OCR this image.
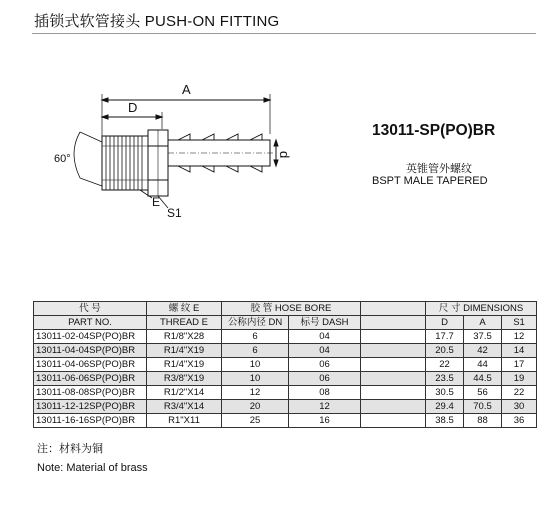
插锁式软管接头 PUSH-ON FITTING
A
D
d
60°
E
S1
13011-SP(PO)BR
英锥管外螺纹
BSPT MALE TAPERED
代 号	螺 纹 E	胶 管 HOSE BORE			尺 寸 DIMENSIONS		
PART NO.	THREAD E	公称内径 DN	标号 DASH		D	A	S1
13011-02-04SP(PO)BR	R1/8"X28	6	04		17.7	37.5	12
13011-04-04SP(PO)BR	R1/4"X19	6	04		20.5	42	14
13011-04-06SP(PO)BR	R1/4"X19	10	06		22	44	17
13011-06-06SP(PO)BR	R3/8"X19	10	06		23.5	44.5	19
13011-08-08SP(PO)BR	R1/2"X14	12	08		30.5	56	22
13011-12-12SP(PO)BR	R3/4"X14	20	12		29.4	70.5	30
13011-16-16SP(PO)BR	R1"X11	25	16		38.5	88	36
注：材料为铜
Note: Material of brass
